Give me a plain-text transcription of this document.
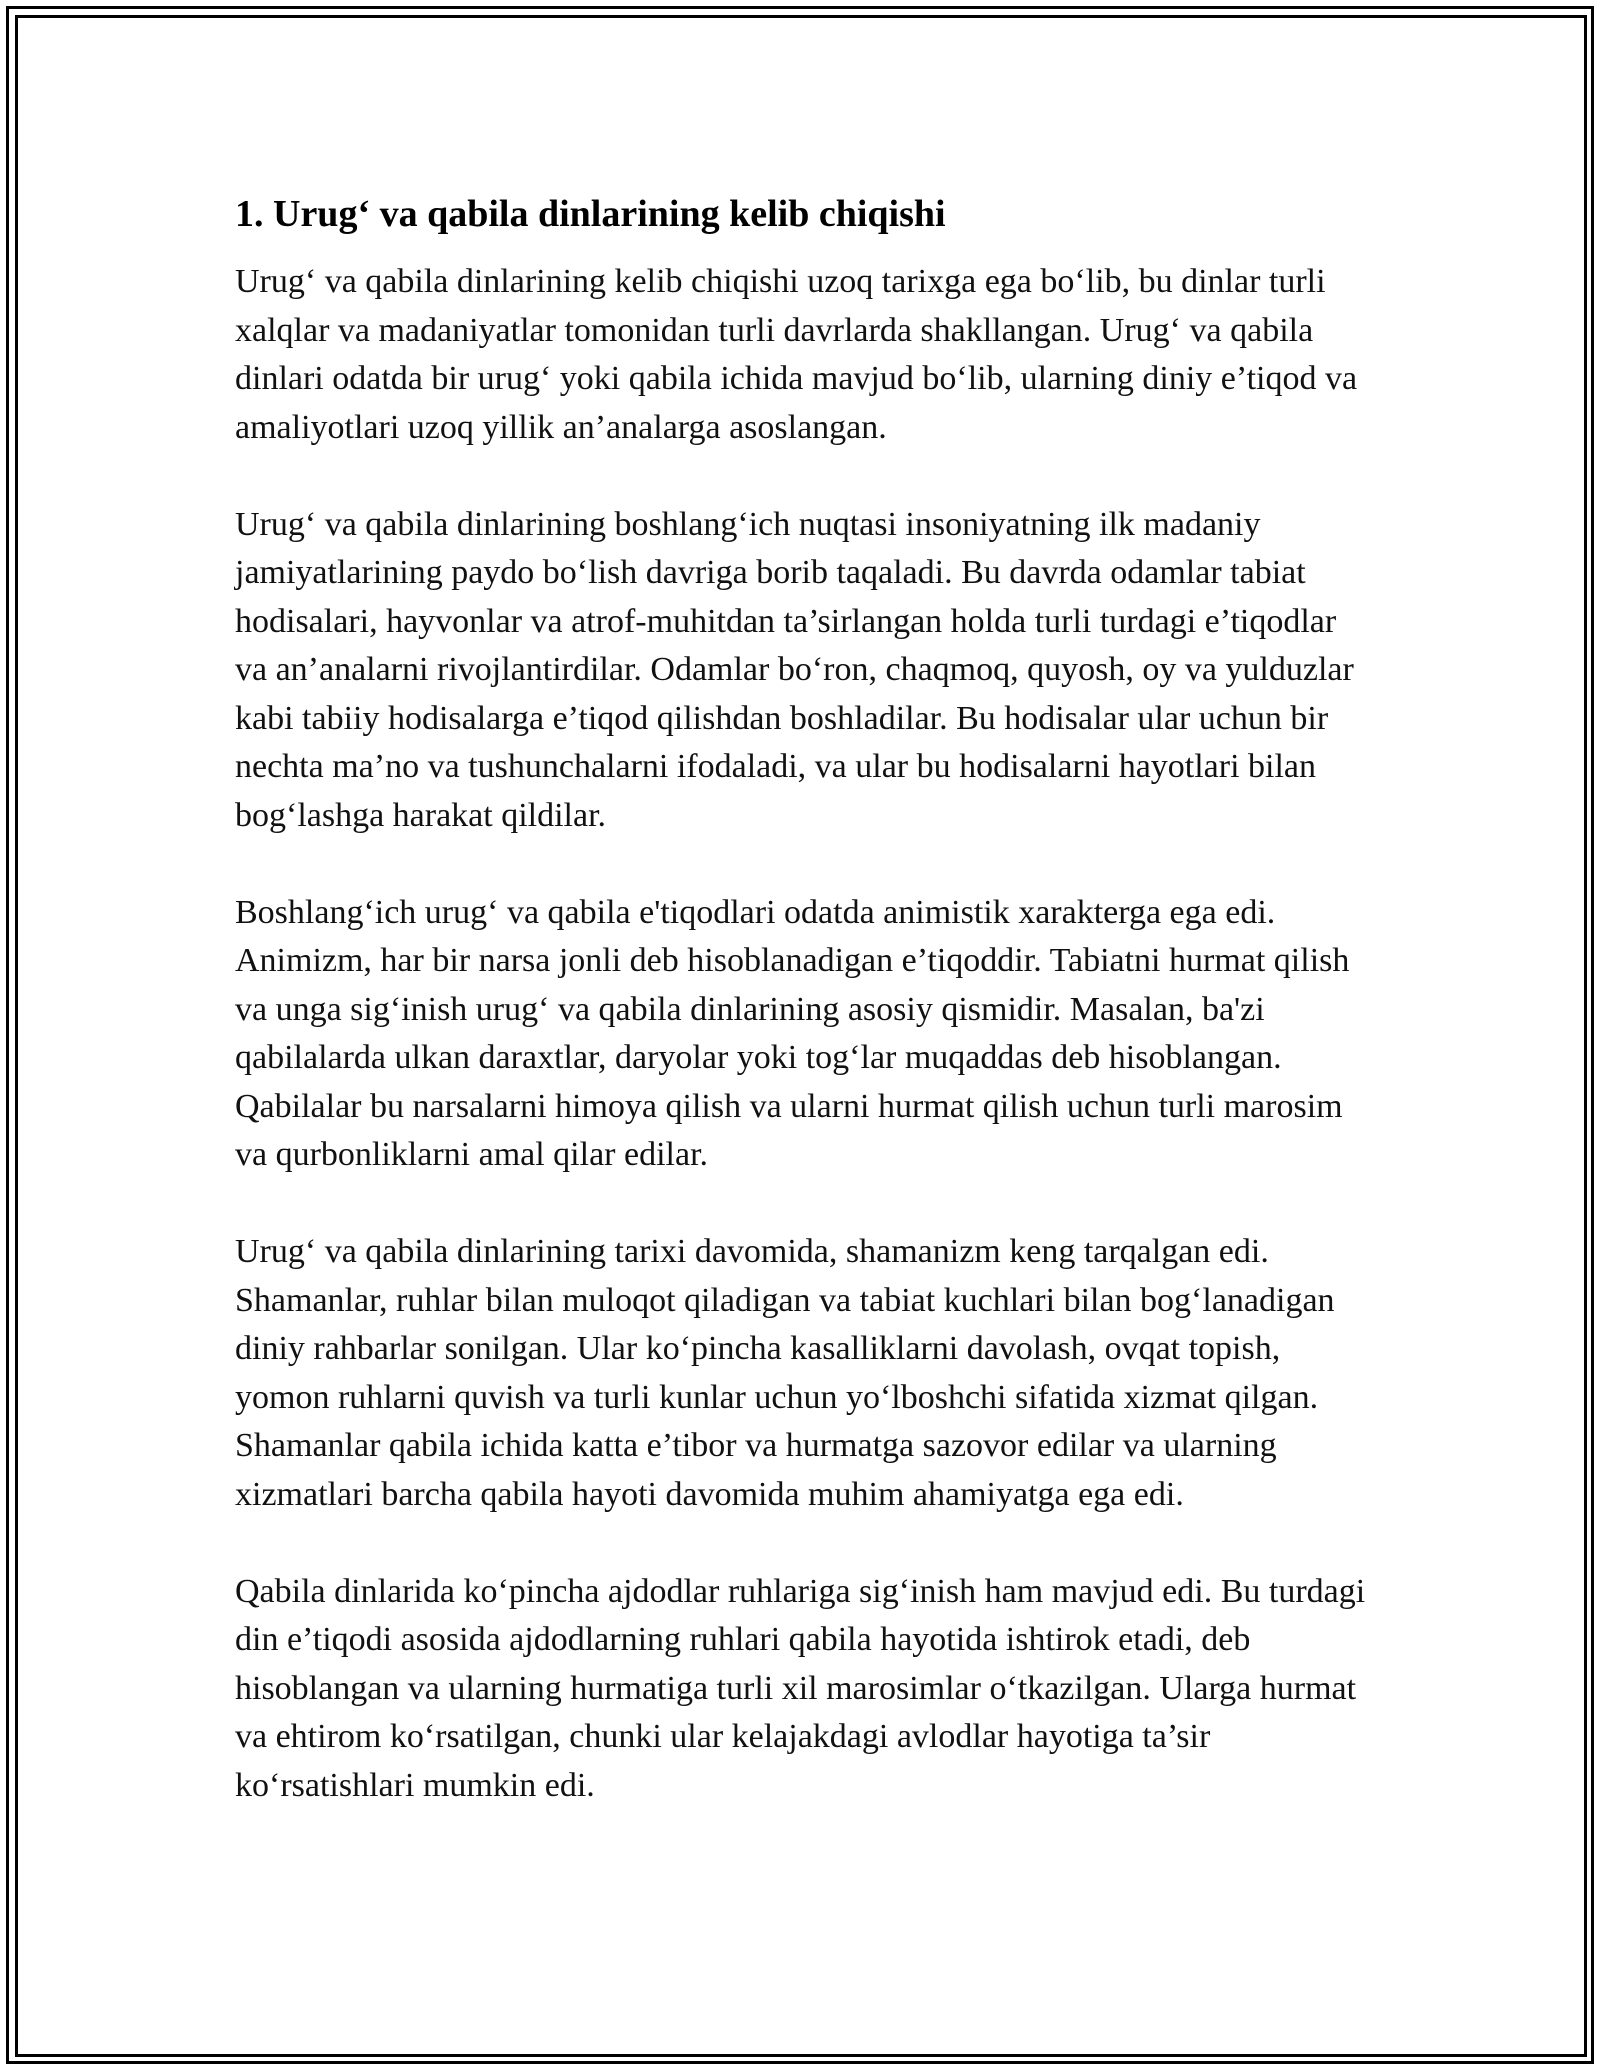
1. Urug‘ va qabila dinlarining kelib chiqishi

Urug‘ va qabila dinlarining kelib chiqishi uzoq tarixga ega bo‘lib, bu dinlar turli xalqlar va madaniyatlar tomonidan turli davrlarda shakllangan. Urug‘ va qabila dinlari odatda bir urug‘ yoki qabila ichida mavjud bo‘lib, ularning diniy e’tiqod va amaliyotlari uzoq yillik an’analarga asoslangan.

Urug‘ va qabila dinlarining boshlang‘ich nuqtasi insoniyatning ilk madaniy jamiyatlarining paydo bo‘lish davriga borib taqaladi. Bu davrda odamlar tabiat hodisalari, hayvonlar va atrof-muhitdan ta’sirlangan holda turli turdagi e’tiqodlar va an’analarni rivojlantirdilar. Odamlar bo‘ron, chaqmoq, quyosh, oy va yulduzlar kabi tabiiy hodisalarga e’tiqod qilishdan boshladilar. Bu hodisalar ular uchun bir nechta ma’no va tushunchalarni ifodaladi, va ular bu hodisalarni hayotlari bilan bog‘lashga harakat qildilar.

Boshlang‘ich urug‘ va qabila e'tiqodlari odatda animistik xarakterga ega edi. Animizm, har bir narsa jonli deb hisoblanadigan e’tiqoddir. Tabiatni hurmat qilish va unga sig‘inish urug‘ va qabila dinlarining asosiy qismidir. Masalan, ba'zi qabilalarda ulkan daraxtlar, daryolar yoki tog‘lar muqaddas deb hisoblangan. Qabilalar bu narsalarni himoya qilish va ularni hurmat qilish uchun turli marosim va qurbonliklarni amal qilar edilar.

Urug‘ va qabila dinlarining tarixi davomida, shamanizm keng tarqalgan edi. Shamanlar, ruhlar bilan muloqot qiladigan va tabiat kuchlari bilan bog‘lanadigan diniy rahbarlar sonilgan. Ular ko‘pincha kasalliklarni davolash, ovqat topish, yomon ruhlarni quvish va turli kunlar uchun yo‘lboshchi sifatida xizmat qilgan. Shamanlar qabila ichida katta e’tibor va hurmatga sazovor edilar va ularning xizmatlari barcha qabila hayoti davomida muhim ahamiyatga ega edi.

Qabila dinlarida ko‘pincha ajdodlar ruhlariga sig‘inish ham mavjud edi. Bu turdagi din e’tiqodi asosida ajdodlarning ruhlari qabila hayotida ishtirok etadi, deb hisoblangan va ularning hurmatiga turli xil marosimlar o‘tkazilgan. Ularga hurmat va ehtirom ko‘rsatilgan, chunki ular kelajakdagi avlodlar hayotiga ta’sir ko‘rsatishlari mumkin edi.
